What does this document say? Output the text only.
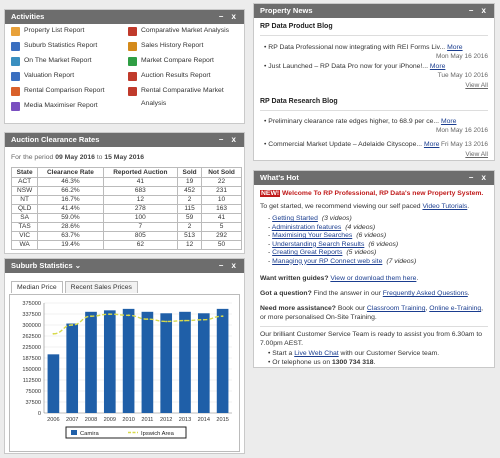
Activities	– x
Property List Report	Comparative Market Analysis
Suburb Statistics Report	Sales History Report
On The Market Report	Market Compare Report
Valuation Report	Auction Results Report
Rental Comparison Report	Rental Comparative Market
Analysis
Media Maximiser Report
Auction Clearance Rates	– x
For the period 09 May 2016 to 15 May 2016
State	Clearance Rate	Reported Auction	Sold	Not Sold
ACT	46.3%	41	19	22
NSW	66.2%	683	452	231
NT	16.7%	12	2	10
QLD	41.4%	278	115	163
SA	59.0%	100	59	41
TAS	28.6%	7	2	5
VIC	63.7%	805	513	292
WA	19.4%	62	12	50
Suburb Statistics ⌄	– x
Median Price	Recent Sales Prices
0
37500
75000
112500
150000
187500
225000
262500
300000
337500
375000
2006 2007 2008 2009 2010 2011 2012 2013 2014 2015
Camira	Ipswich Area
Property News	– x
RP Data Product Blog
• RP Data Professional now integrating with REI Forms Liv... More
Mon May 16 2016
• Just Launched – RP Data Pro now for your iPhone!... More
Tue May 10 2016
View All
RP Data Research Blog
• Preliminary clearance rate edges higher, to 68.9 per ce... More
Mon May 16 2016
• Commercial Market Update – Adelaide Cityscope... More Fri May 13 2016
View All
What's Hot	– x
NEW! Welcome To RP Professional, RP Data's new Property System.
To get started, we recommend viewing our self paced Video Tutorials.
- Getting Started (3 videos)
- Administration features (4 videos)
- Maximising Your Searches (6 videos)
- Understanding Search Results (6 videos)
- Creating Great Reports (5 videos)
- Managing your RP Connect web site (7 videos)
Want written guides? View or download them here.
Got a question? Find the answer in our Frequently Asked Questions.
Need more assistance? Book our Classroom Training, Online e-Training,
or more personalised On-Site Training.
Our brilliant Customer Service Team is ready to assist you from 6.30am to
7.00pm AEST.
• Start a Live Web Chat with our Customer Service team.
• Or telephone us on 1300 734 318.
